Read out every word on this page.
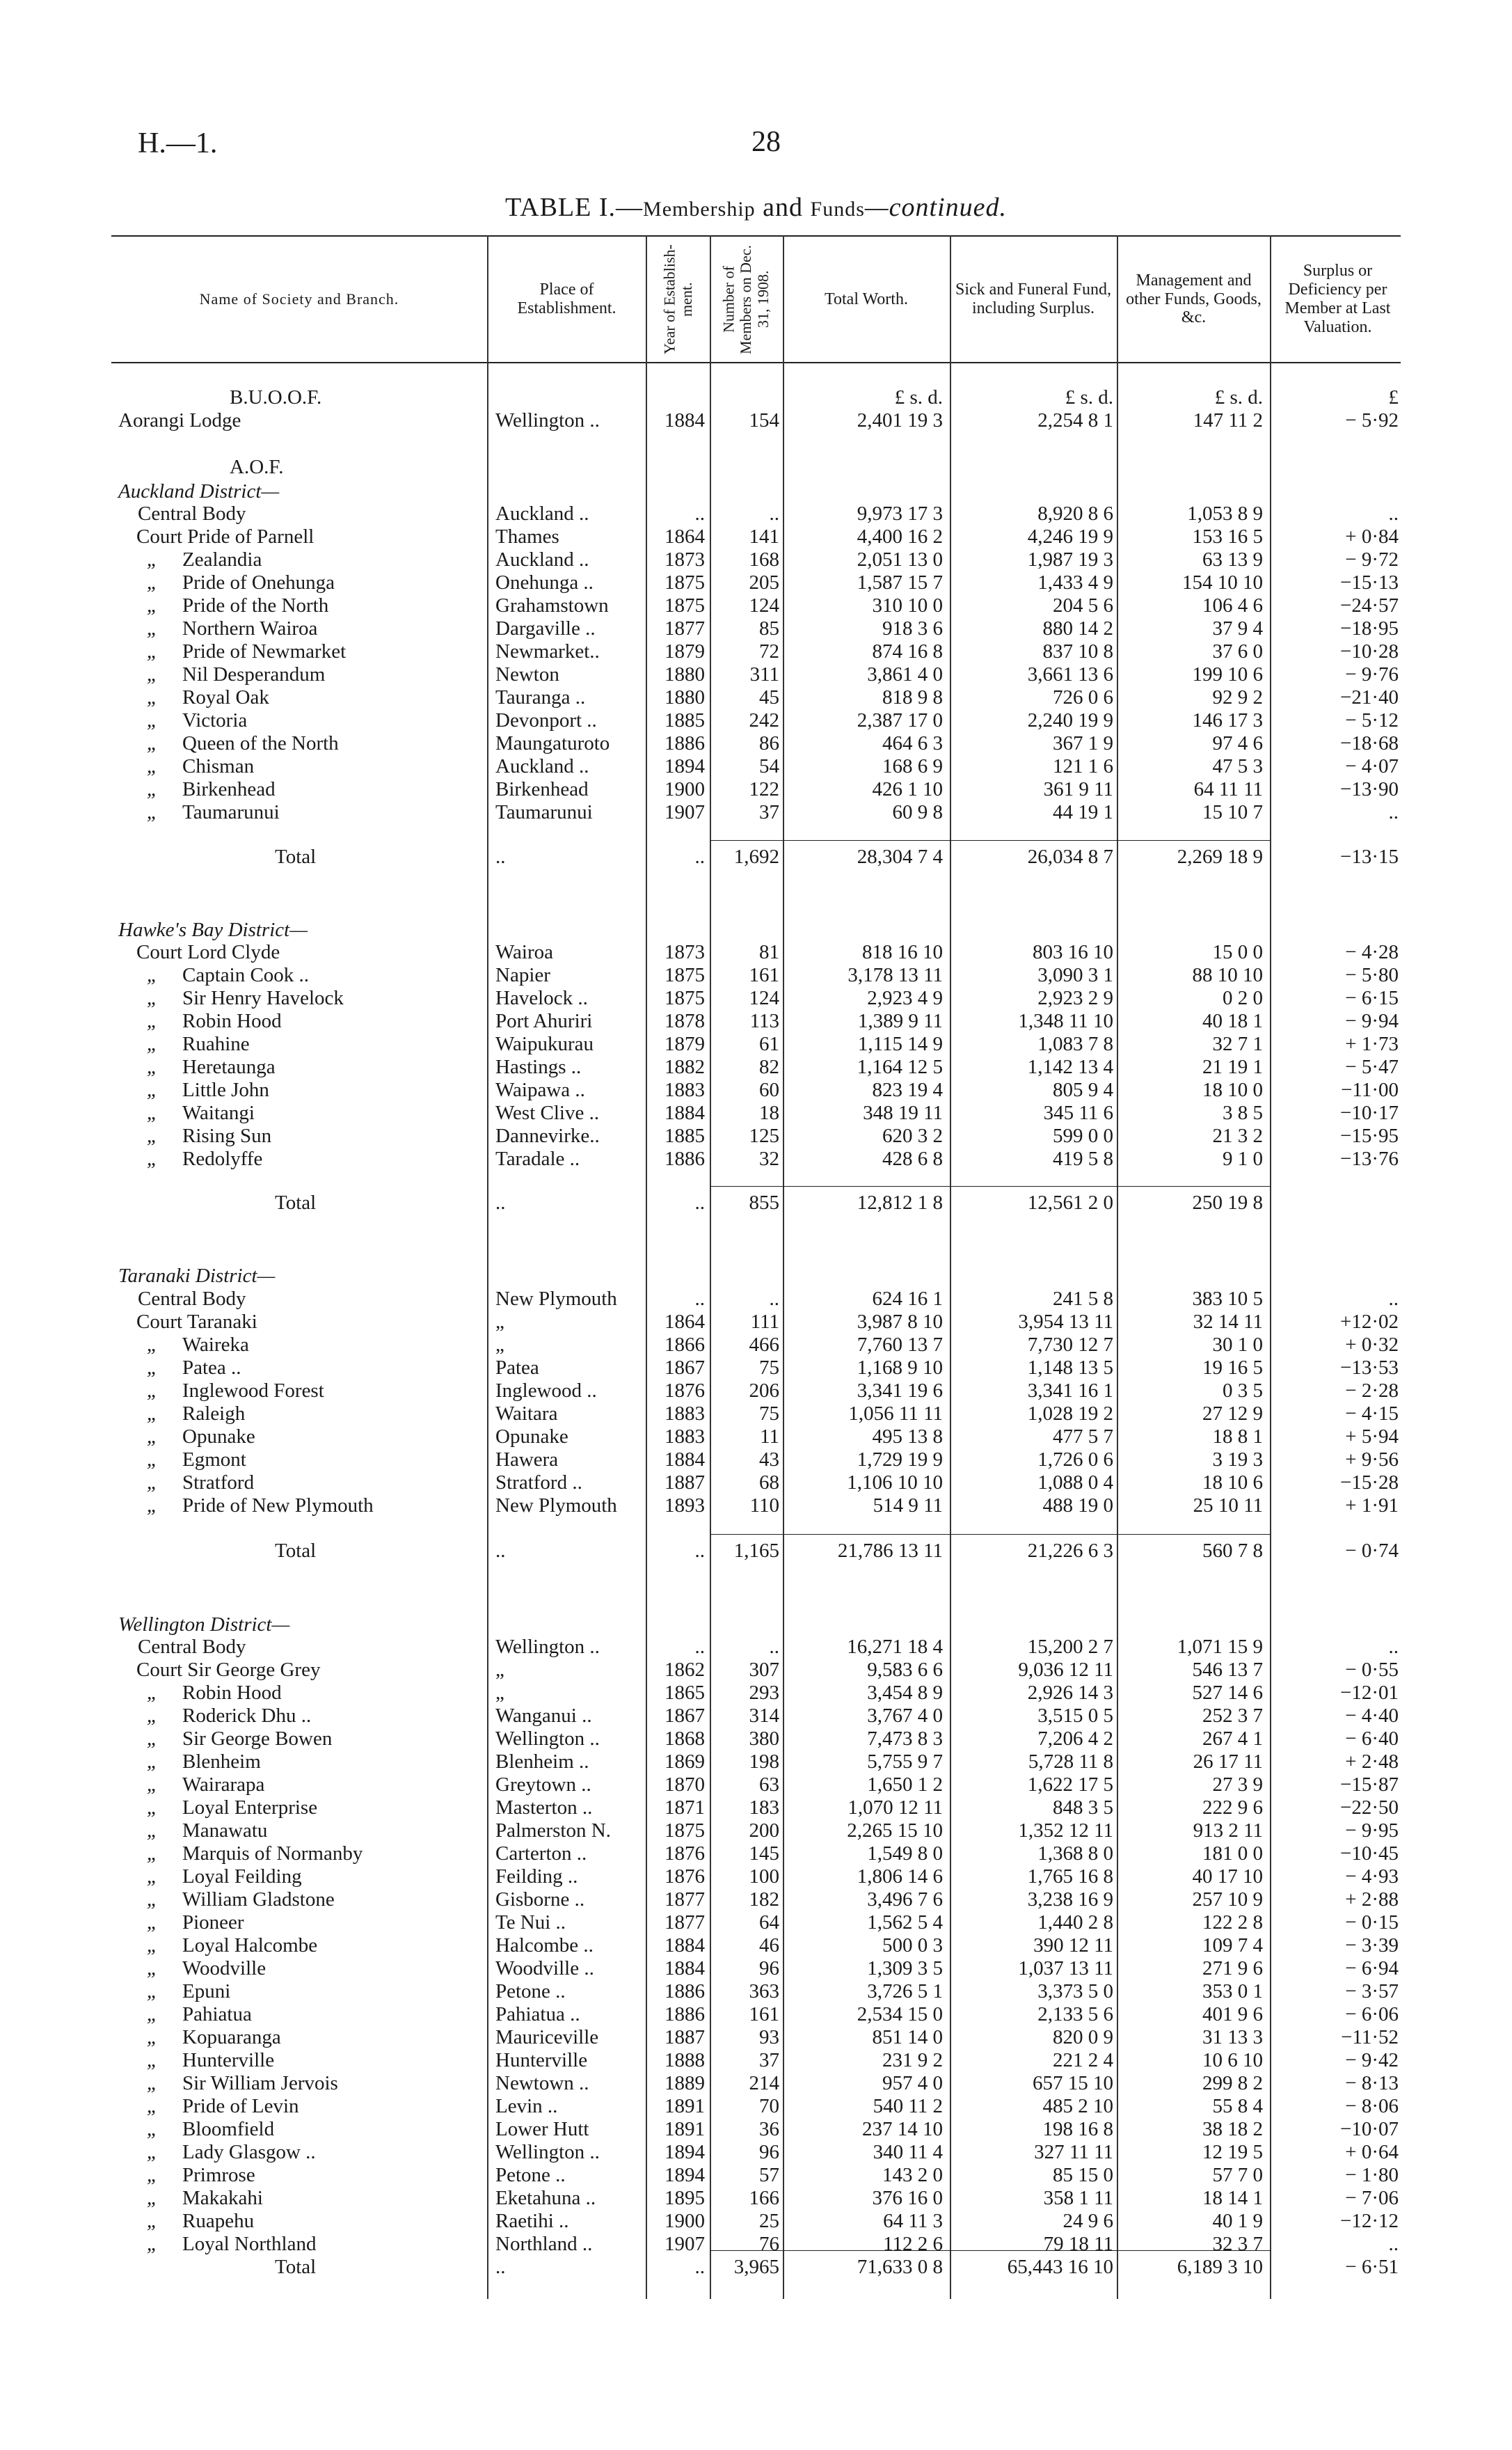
H.—1.	28
TABLE I.—Membership and Funds—continued.
Name of Society and Branch.
Place of Establishment.	Year of Establish-ment.	Number of Members on Dec. 31, 1908.	Total Worth.
Sick and Funeral Fund, including Surplus.
Management and other Funds, Goods, &c.
Surplus or Deficiency per Member at Last Valuation.
£ s. d.	£ s. d.	£ s. d.	£
B.U.O.O.F.
Aorangi Lodge	Wellington ..	1884	154	2,401 19 3	2,254 8 1	147 11 2	− 5·92
A.O.F.
Auckland District—
Central Body	Auckland ..	..	..	9,973 17 3	8,920 8 6	1,053 8 9	..
Court Pride of Parnell	Thames	1864	141	4,400 16 2	4,246 19 9	153 16 5	+ 0·84
„ Zealandia	Auckland ..	1873	168	2,051 13 0	1,987 19 3	63 13 9	− 9·72
„ Pride of Onehunga	Onehunga ..	1875	205	1,587 15 7	1,433 4 9	154 10 10	−15·13
„ Pride of the North	Grahamstown	1875	124	310 10 0	204 5 6	106 4 6	−24·57
„ Northern Wairoa	Dargaville ..	1877	85	918 3 6	880 14 2	37 9 4	−18·95
„ Pride of Newmarket	Newmarket..	1879	72	874 16 8	837 10 8	37 6 0	−10·28
„ Nil Desperandum	Newton	1880	311	3,861 4 0	3,661 13 6	199 10 6	− 9·76
„ Royal Oak	Tauranga ..	1880	45	818 9 8	726 0 6	92 9 2	−21·40
„ Victoria	Devonport ..	1885	242	2,387 17 0	2,240 19 9	146 17 3	− 5·12
„ Queen of the North	Maungaturoto	1886	86	464 6 3	367 1 9	97 4 6	−18·68
„ Chisman	Auckland ..	1894	54	168 6 9	121 1 6	47 5 3	− 4·07
„ Birkenhead	Birkenhead	1900	122	426 1 10	361 9 11	64 11 11	−13·90
„ Taumarunui	Taumarunui	1907	37	60 9 8	44 19 1	15 10 7	..
Total	..	..	1,692	28,304 7 4	26,034 8 7	2,269 18 9	−13·15
Hawke's Bay District—
Court Lord Clyde	Wairoa	1873	81	818 16 10	803 16 10	15 0 0	− 4·28
„ Captain Cook ..	Napier	1875	161	3,178 13 11	3,090 3 1	88 10 10	− 5·80
„ Sir Henry Havelock	Havelock ..	1875	124	2,923 4 9	2,923 2 9	0 2 0	− 6·15
„ Robin Hood	Port Ahuriri	1878	113	1,389 9 11	1,348 11 10	40 18 1	− 9·94
„ Ruahine	Waipukurau	1879	61	1,115 14 9	1,083 7 8	32 7 1	+ 1·73
„ Heretaunga	Hastings ..	1882	82	1,164 12 5	1,142 13 4	21 19 1	− 5·47
„ Little John	Waipawa ..	1883	60	823 19 4	805 9 4	18 10 0	−11·00
„ Waitangi	West Clive ..	1884	18	348 19 11	345 11 6	3 8 5	−10·17
„ Rising Sun	Dannevirke..	1885	125	620 3 2	599 0 0	21 3 2	−15·95
„ Redolyffe	Taradale ..	1886	32	428 6 8	419 5 8	9 1 0	−13·76
Total	..	..	855	12,812 1 8	12,561 2 0	250 19 8
Taranaki District—
Central Body	New Plymouth	..	..	624 16 1	241 5 8	383 10 5	..
Court Taranaki	„	1864	111	3,987 8 10	3,954 13 11	32 14 11	+12·02
„ Waireka	„	1866	466	7,760 13 7	7,730 12 7	30 1 0	+ 0·32
„ Patea ..	Patea	1867	75	1,168 9 10	1,148 13 5	19 16 5	−13·53
„ Inglewood Forest	Inglewood ..	1876	206	3,341 19 6	3,341 16 1	0 3 5	− 2·28
„ Raleigh	Waitara	1883	75	1,056 11 11	1,028 19 2	27 12 9	− 4·15
„ Opunake	Opunake	1883	11	495 13 8	477 5 7	18 8 1	+ 5·94
„ Egmont	Hawera	1884	43	1,729 19 9	1,726 0 6	3 19 3	+ 9·56
„ Stratford	Stratford ..	1887	68	1,106 10 10	1,088 0 4	18 10 6	−15·28
„ Pride of New Plymouth	New Plymouth	1893	110	514 9 11	488 19 0	25 10 11	+ 1·91
Total	..	..	1,165	21,786 13 11	21,226 6 3	560 7 8	− 0·74
Wellington District—
Central Body	Wellington ..	..	..	16,271 18 4	15,200 2 7	1,071 15 9	..
Court Sir George Grey	„	1862	307	9,583 6 6	9,036 12 11	546 13 7	− 0·55
„ Robin Hood	„	1865	293	3,454 8 9	2,926 14 3	527 14 6	−12·01
„ Roderick Dhu ..	Wanganui ..	1867	314	3,767 4 0	3,515 0 5	252 3 7	− 4·40
„ Sir George Bowen	Wellington ..	1868	380	7,473 8 3	7,206 4 2	267 4 1	− 6·40
„ Blenheim	Blenheim ..	1869	198	5,755 9 7	5,728 11 8	26 17 11	+ 2·48
„ Wairarapa	Greytown ..	1870	63	1,650 1 2	1,622 17 5	27 3 9	−15·87
„ Loyal Enterprise	Masterton ..	1871	183	1,070 12 11	848 3 5	222 9 6	−22·50
„ Manawatu	Palmerston N.	1875	200	2,265 15 10	1,352 12 11	913 2 11	− 9·95
„ Marquis of Normanby	Carterton ..	1876	145	1,549 8 0	1,368 8 0	181 0 0	−10·45
„ Loyal Feilding	Feilding ..	1876	100	1,806 14 6	1,765 16 8	40 17 10	− 4·93
„ William Gladstone	Gisborne ..	1877	182	3,496 7 6	3,238 16 9	257 10 9	+ 2·88
„ Pioneer	Te Nui ..	1877	64	1,562 5 4	1,440 2 8	122 2 8	− 0·15
„ Loyal Halcombe	Halcombe ..	1884	46	500 0 3	390 12 11	109 7 4	− 3·39
„ Woodville	Woodville ..	1884	96	1,309 3 5	1,037 13 11	271 9 6	− 6·94
„ Epuni	Petone ..	1886	363	3,726 5 1	3,373 5 0	353 0 1	− 3·57
„ Pahiatua	Pahiatua ..	1886	161	2,534 15 0	2,133 5 6	401 9 6	− 6·06
„ Kopuaranga	Mauriceville	1887	93	851 14 0	820 0 9	31 13 3	−11·52
„ Hunterville	Hunterville	1888	37	231 9 2	221 2 4	10 6 10	− 9·42
„ Sir William Jervois	Newtown ..	1889	214	957 4 0	657 15 10	299 8 2	− 8·13
„ Pride of Levin	Levin ..	1891	70	540 11 2	485 2 10	55 8 4	− 8·06
„ Bloomfield	Lower Hutt	1891	36	237 14 10	198 16 8	38 18 2	−10·07
„ Lady Glasgow ..	Wellington ..	1894	96	340 11 4	327 11 11	12 19 5	+ 0·64
„ Primrose	Petone ..	1894	57	143 2 0	85 15 0	57 7 0	− 1·80
„ Makakahi	Eketahuna ..	1895	166	376 16 0	358 1 11	18 14 1	− 7·06
„ Ruapehu	Raetihi ..	1900	25	64 11 3	24 9 6	40 1 9	−12·12
„ Loyal Northland	Northland ..	1907	76	112 2 6	79 18 11	32 3 7	..
Total	..	..	3,965	71,633 0 8	65,443 16 10	6,189 3 10	− 6·51
